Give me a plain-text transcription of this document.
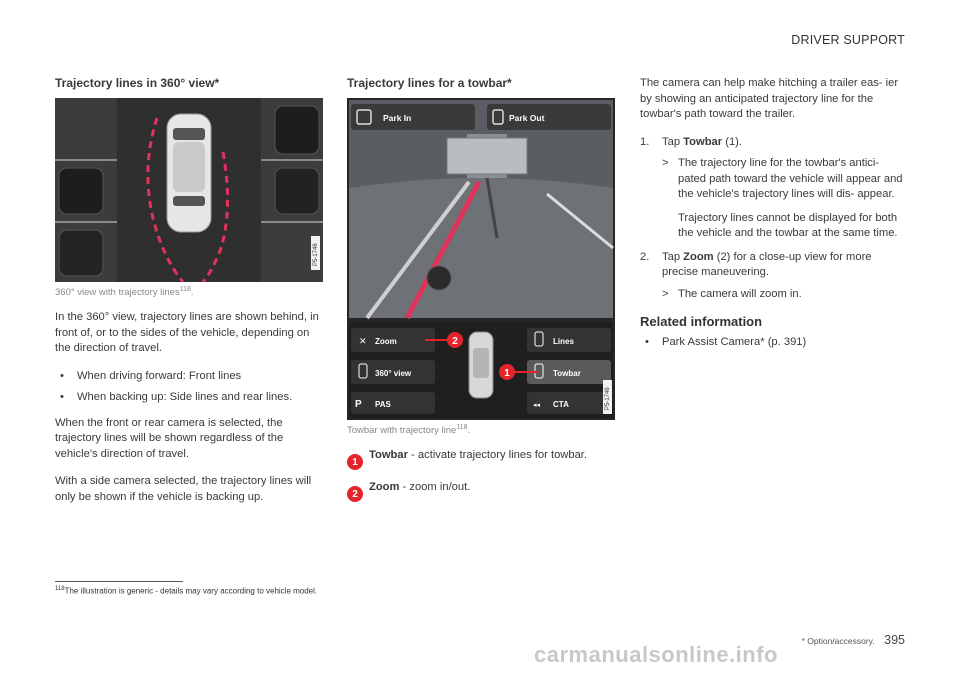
DRIVER SUPPORT
Trajectory lines in 360° view*
P5-1746
360° view with trajectory lines$^{118}$.

In the 360° view, trajectory lines are shown behind, in front of, or to the sides of the vehicle, depending on the direction of travel.

• When driving forward: Front lines
• When backing up: Side lines and rear lines.

When the front or rear camera is selected, the trajectory lines will be shown regardless of the vehicle's direction of travel.

With a side camera selected, the trajectory lines will only be shown if the vehicle is backing up.

Trajectory lines for a towbar*
Park In	Park Out
✕ Zoom
360° view
P PAS
Lines
Towbar
◂◂ CTA
2
1
P5-1746
Towbar with trajectory line$^{118}$.
1
Towbar - activate trajectory lines for towbar.
2
Zoom - zoom in/out.

The camera can help make hitching a trailer eas- ier by showing an anticipated trajectory line for the towbar's path toward the trailer.

1. Tap Towbar (1).
> The trajectory line for the towbar's antici- pated path toward the vehicle will appear and the vehicle's trajectory lines will dis- appear.
Trajectory lines cannot be displayed for both the vehicle and the towbar at the same time.
2. Tap Zoom (2) for a close-up view for more precise maneuvering.
> The camera will zoom in.
Related information
• Park Assist Camera* (p. 391)
$^{118}$The illustration is generic - details may vary according to vehicle model.
* Option/accessory. 395
carmanualsonline.info
